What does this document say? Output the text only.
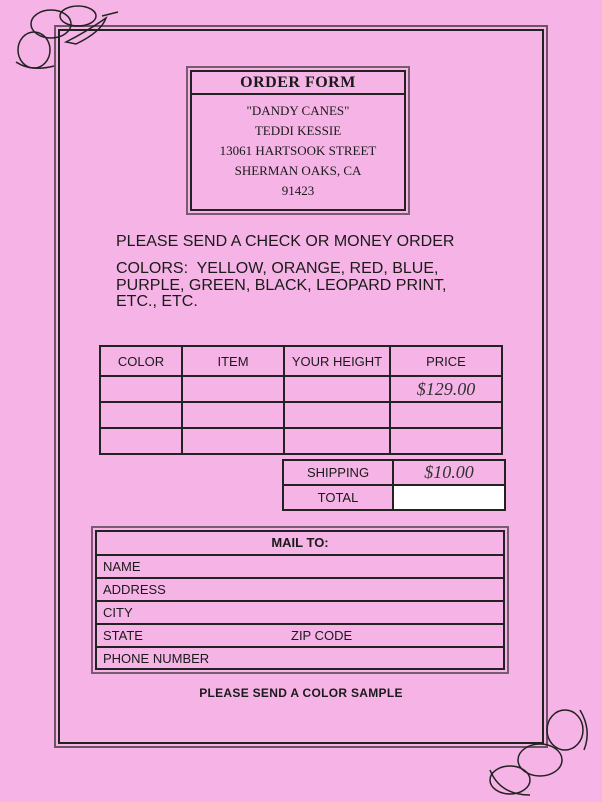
ORDER FORM
"DANDY CANES"
TEDDI KESSIE
13061 HARTSOOK STREET
SHERMAN OAKS, CA
91423
PLEASE SEND A CHECK OR MONEY ORDER
COLORS:  YELLOW, ORANGE, RED, BLUE,
PURPLE, GREEN, BLACK, LEOPARD PRINT,
ETC., ETC.
COLOR	ITEM	YOUR HEIGHT	PRICE
			$129.00

SHIPPING	$10.00
TOTAL	
MAIL TO:
NAME
ADDRESS
CITY
STATE	ZIP CODE
PHONE NUMBER
PLEASE SEND A COLOR SAMPLE
